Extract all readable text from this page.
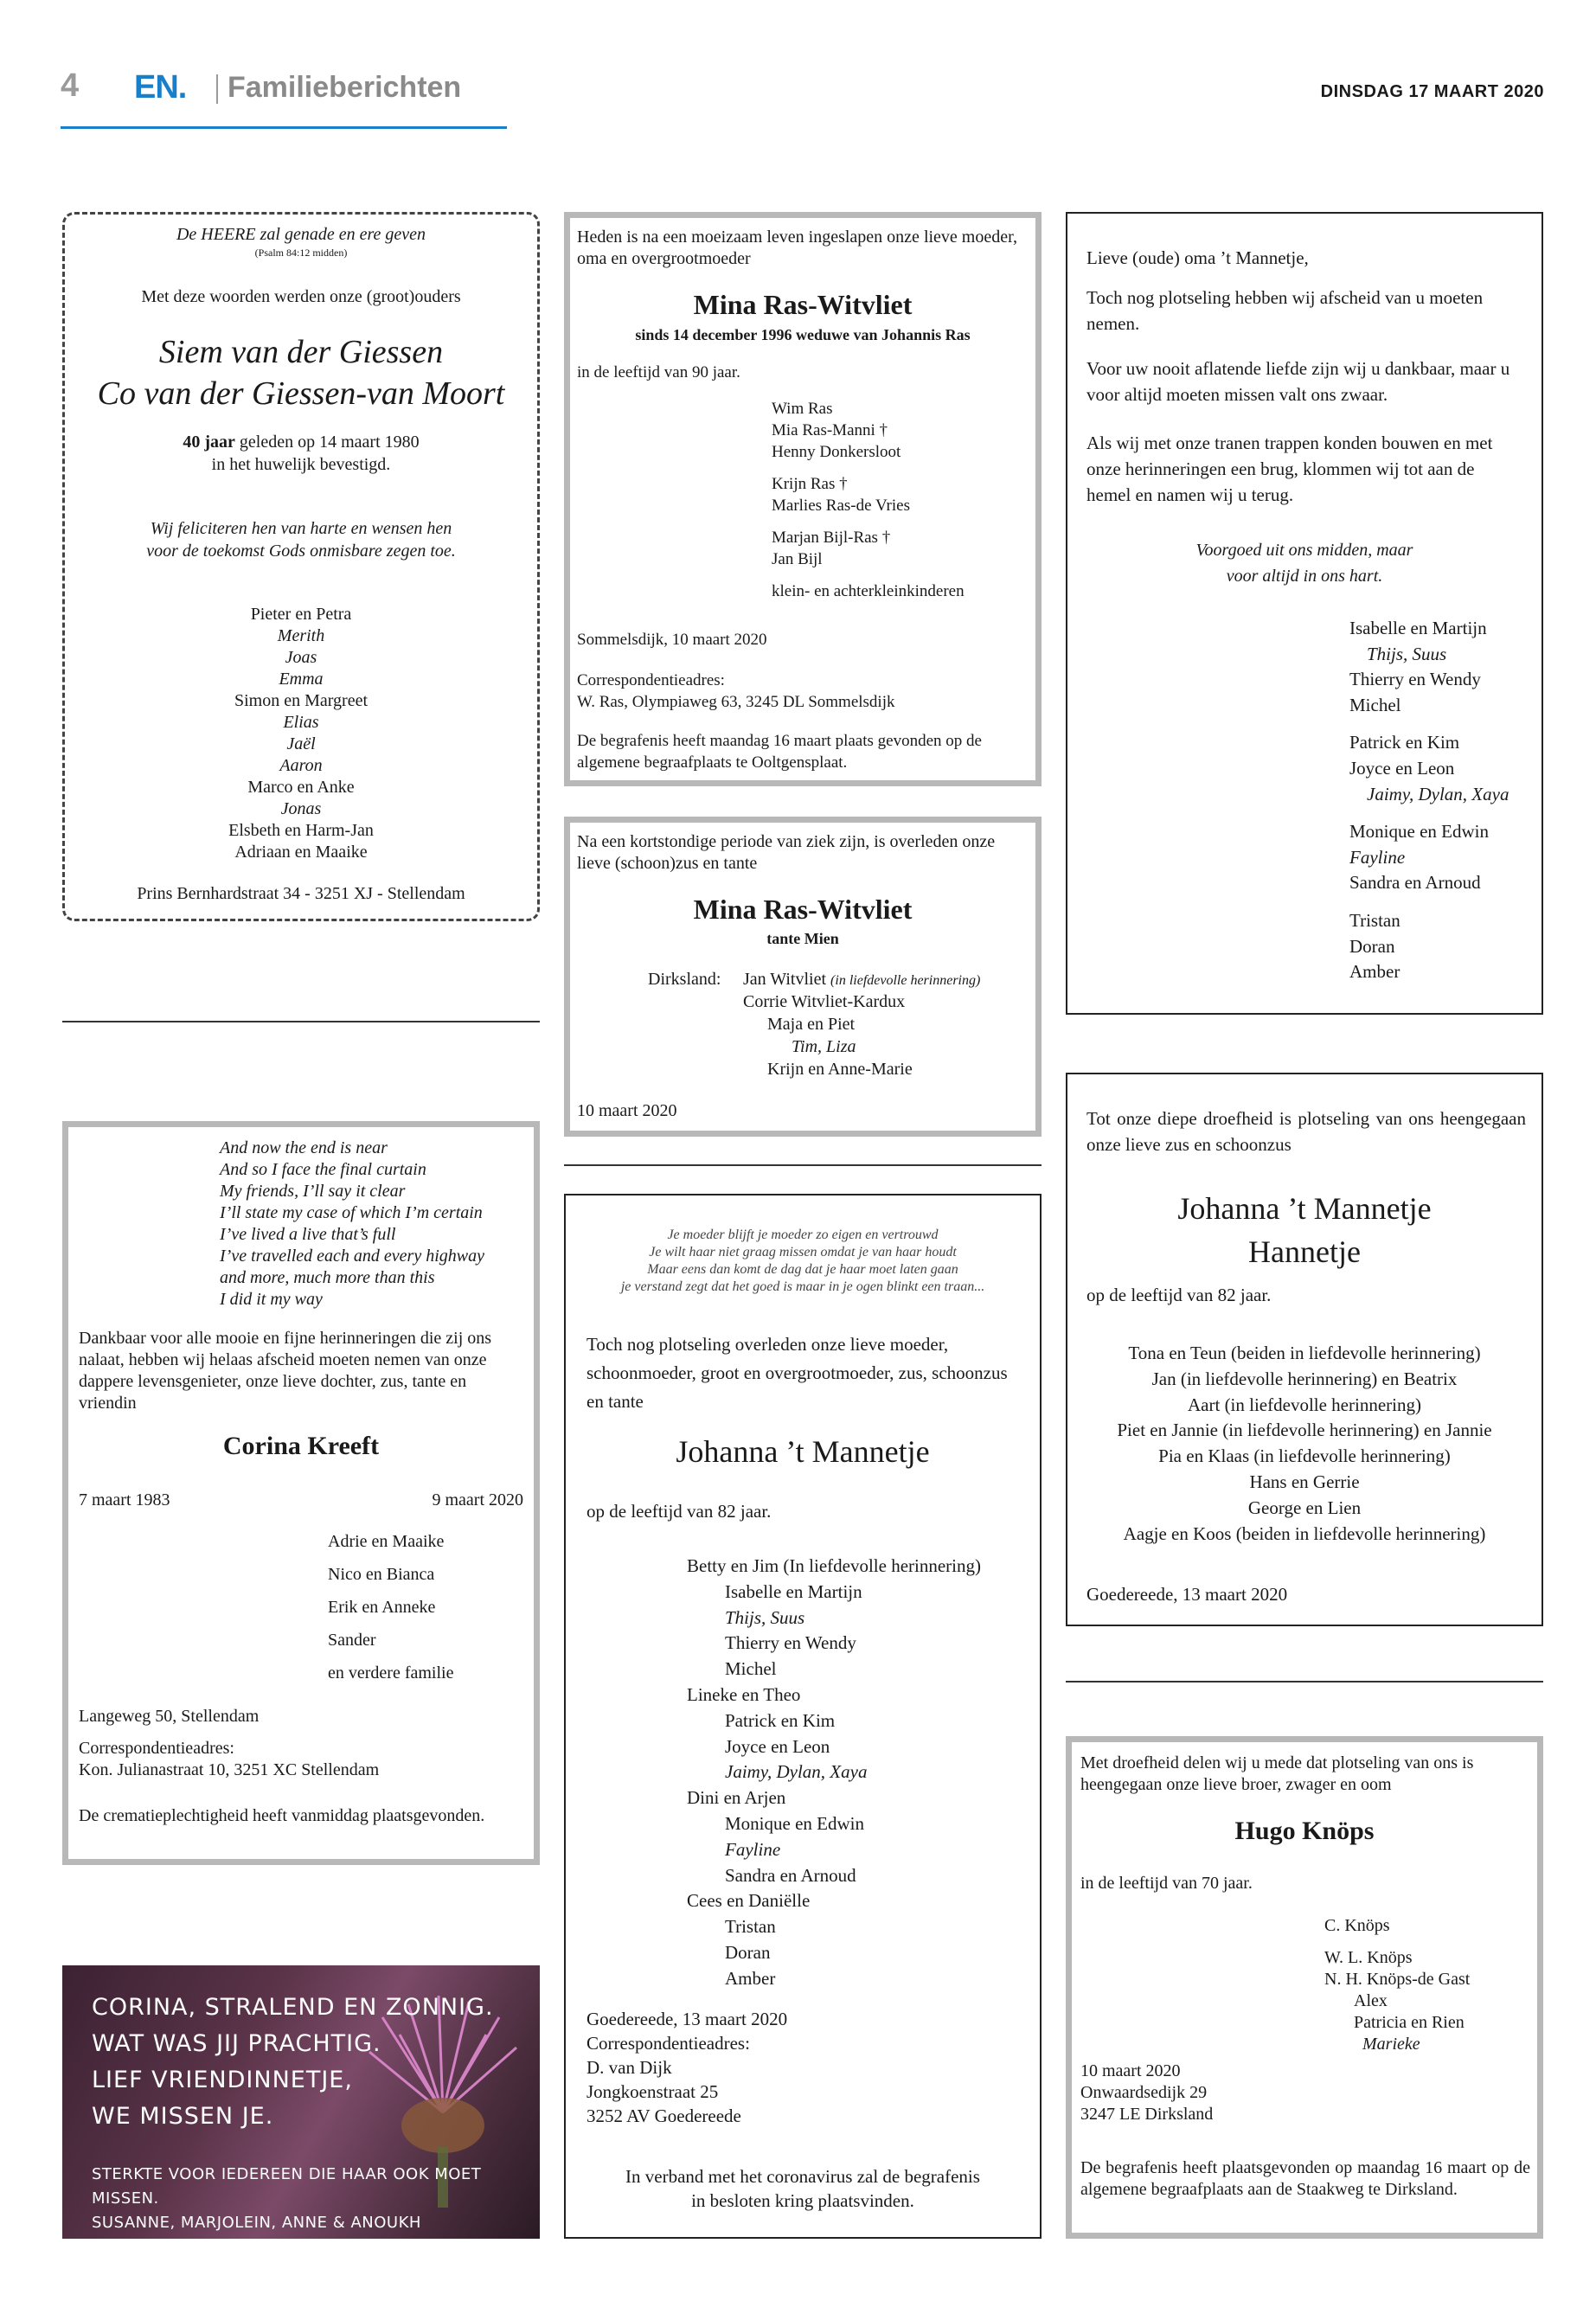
4 EN. Familieberichten	DINSDAG 17 MAART 2020
De HEERE zal genade en ere geven
(Psalm 84:12 midden)
Met deze woorden werden onze (groot)ouders
Siem van der Giessen
Co van der Giessen-van Moort
40 jaar geleden op 14 maart 1980
in het huwelijk bevestigd.
Wij feliciteren hen van harte en wensen hen
voor de toekomst Gods onmisbare zegen toe.
Pieter en Petra
Merith
Joas
Emma
Simon en Margreet
Elias
Jaël
Aaron
Marco en Anke
Jonas
Elsbeth en Harm-Jan
Adriaan en Maaike
Prins Bernhardstraat 34 - 3251 XJ - Stellendam
And now the end is near
And so I face the final curtain
My friends, I’ll say it clear
I’ll state my case of which I’m certain
I’ve lived a live that’s full
I’ve travelled each and every highway
and more, much more than this
I did it my way

Dankbaar voor alle mooie en fijne herinneringen die zij ons nalaat, hebben wij helaas afscheid moeten nemen van onze dappere levensgenieter, onze lieve dochter, zus, tante en vriendin

Corina Kreeft
7 maart 1983	9 maart 2020
Adrie en Maaike
Nico en Bianca
Erik en Anneke
Sander
en verdere familie
Langeweg 50, Stellendam
Correspondentieadres:
Kon. Julianastraat 10, 3251 XC Stellendam

De crematieplechtigheid heeft vanmiddag plaatsgevonden.

CORINA, STRALEND EN ZONNIG.
WAT WAS JIJ PRACHTIG.
LIEF VRIENDINNETJE,
WE MISSEN JE.
STERKTE VOOR IEDEREEN DIE HAAR OOK MOET MISSEN.
SUSANNE, MARJOLEIN, ANNE & ANOUKH

Heden is na een moeizaam leven ingeslapen onze lieve moeder, oma en overgrootmoeder

Mina Ras-Witvliet
sinds 14 december 1996 weduwe van Johannis Ras
in de leeftijd van 90 jaar.
Wim Ras
Mia Ras-Manni †
Henny Donkersloot
Krijn Ras †
Marlies Ras-de Vries
Marjan Bijl-Ras †
Jan Bijl
klein- en achterkleinkinderen
Sommelsdijk, 10 maart 2020
Correspondentieadres:
W. Ras, Olympiaweg 63, 3245 DL Sommelsdijk

De begrafenis heeft maandag 16 maart plaats gevonden op de algemene begraafplaats te Ooltgensplaat.

Na een kortstondige periode van ziek zijn, is overleden onze lieve (schoon)zus en tante

Mina Ras-Witvliet
tante Mien
Dirksland: Jan Witvliet (in liefdevolle herinnering)
Corrie Witvliet-Kardux
Maja en Piet
Tim, Liza
Krijn en Anne-Marie
10 maart 2020
Je moeder blijft je moeder zo eigen en vertrouwd
Je wilt haar niet graag missen omdat je van haar houdt
Maar eens dan komt de dag dat je haar moet laten gaan
je verstand zegt dat het goed is maar in je ogen blinkt een traan...

Toch nog plotseling overleden onze lieve moeder, schoonmoeder, groot en overgrootmoeder, zus, schoonzus en tante

Johanna ’t Mannetje
op de leeftijd van 82 jaar.
Betty en Jim (In liefdevolle herinnering)
Isabelle en Martijn
Thijs, Suus
Thierry en Wendy
Michel
Lineke en Theo
Patrick en Kim
Joyce en Leon
Jaimy, Dylan, Xaya
Dini en Arjen
Monique en Edwin
Fayline
Sandra en Arnoud
Cees en Daniëlle
Tristan
Doran
Amber
Goedereede, 13 maart 2020
Correspondentieadres:
D. van Dijk
Jongkoenstraat 25
3252 AV Goedereede
In verband met het coronavirus zal de begrafenis
in besloten kring plaatsvinden.
Lieve (oude) oma ’t Mannetje,

Toch nog plotseling hebben wij afscheid van u moeten nemen.

Voor uw nooit aflatende liefde zijn wij u dankbaar, maar u voor altijd moeten missen valt ons zwaar.

Als wij met onze tranen trappen konden bouwen en met onze herinneringen een brug, klommen wij tot aan de hemel en namen wij u terug.

Voorgoed uit ons midden, maar
voor altijd in ons hart.
Isabelle en Martijn
Thijs, Suus
Thierry en Wendy
Michel
Patrick en Kim
Joyce en Leon
Jaimy, Dylan, Xaya
Monique en Edwin
Fayline
Sandra en Arnoud
Tristan
Doran
Amber

Tot onze diepe droefheid is plotseling van ons heengegaan onze lieve zus en schoonzus

Johanna ’t Mannetje
Hannetje
op de leeftijd van 82 jaar.
Tona en Teun (beiden in liefdevolle herinnering)
Jan (in liefdevolle herinnering) en Beatrix
Aart (in liefdevolle herinnering)
Piet en Jannie (in liefdevolle herinnering) en Jannie
Pia en Klaas (in liefdevolle herinnering)
Hans en Gerrie
George en Lien
Aagje en Koos (beiden in liefdevolle herinnering)
Goedereede, 13 maart 2020

Met droefheid delen wij u mede dat plotseling van ons is heengegaan onze lieve broer, zwager en oom

Hugo Knöps
in de leeftijd van 70 jaar.
C. Knöps
W. L. Knöps
N. H. Knöps-de Gast
Alex
Patricia en Rien
Marieke
10 maart 2020
Onwaardsedijk 29
3247 LE Dirksland

De begrafenis heeft plaatsgevonden op maandag 16 maart op de algemene begraafplaats aan de Staakweg te Dirksland.
